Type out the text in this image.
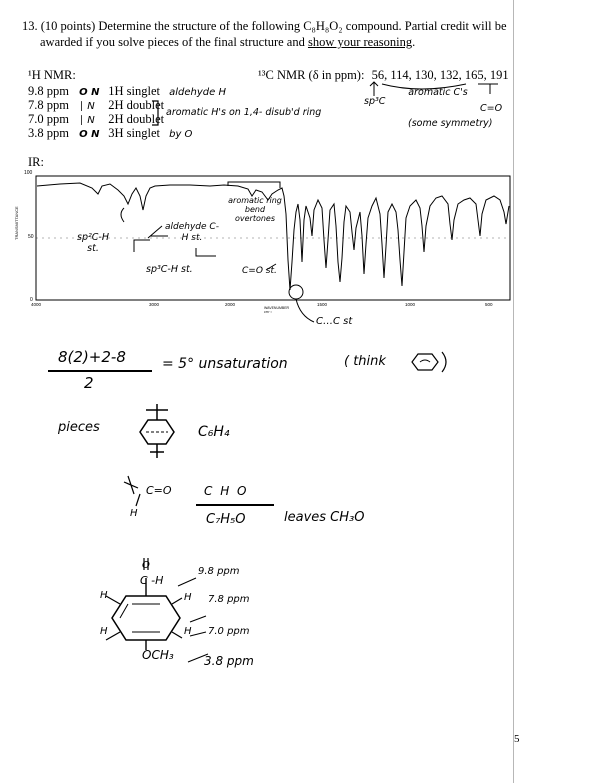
13. (10 points) Determine the structure of the following C₈H₈O₂ compound. Partial credit will be
awarded if you solve pieces of the final structure and show your reasoning.
¹H NMR:
9.8 ppm O N 1H singlet aldehyde H
7.8 ppm ∣ N 2H doublet
7.0 ppm ∣ N 2H doublet
3.8 ppm O N 3H singlet by O
aromatic H's on 1,4- disub'd ring
¹³C NMR (δ in ppm): 56, 114, 130, 132, 165, 191
sp³C
aromatic C's
C=O
(some symmetry)
IR:
100
50
0
TRANSMITTANCE
4000	3000	2000	1500	1000	500
WAVENUMBER cm⁻¹
sp²C-H st.
aldehyde C-H st.
sp³C-H st.
aromatic ring bend overtones
C=O st.
C…C st
8(2)+2-8
2
= 5° unsaturation	( think
pieces	C₆H₄
C=O
H
C H O
C₇H₅O	leaves CH₃O
O
C -H
H
H
H
H
OCH₃
9.8 ppm
7.8 ppm
7.0 ppm
3.8 ppm
5
